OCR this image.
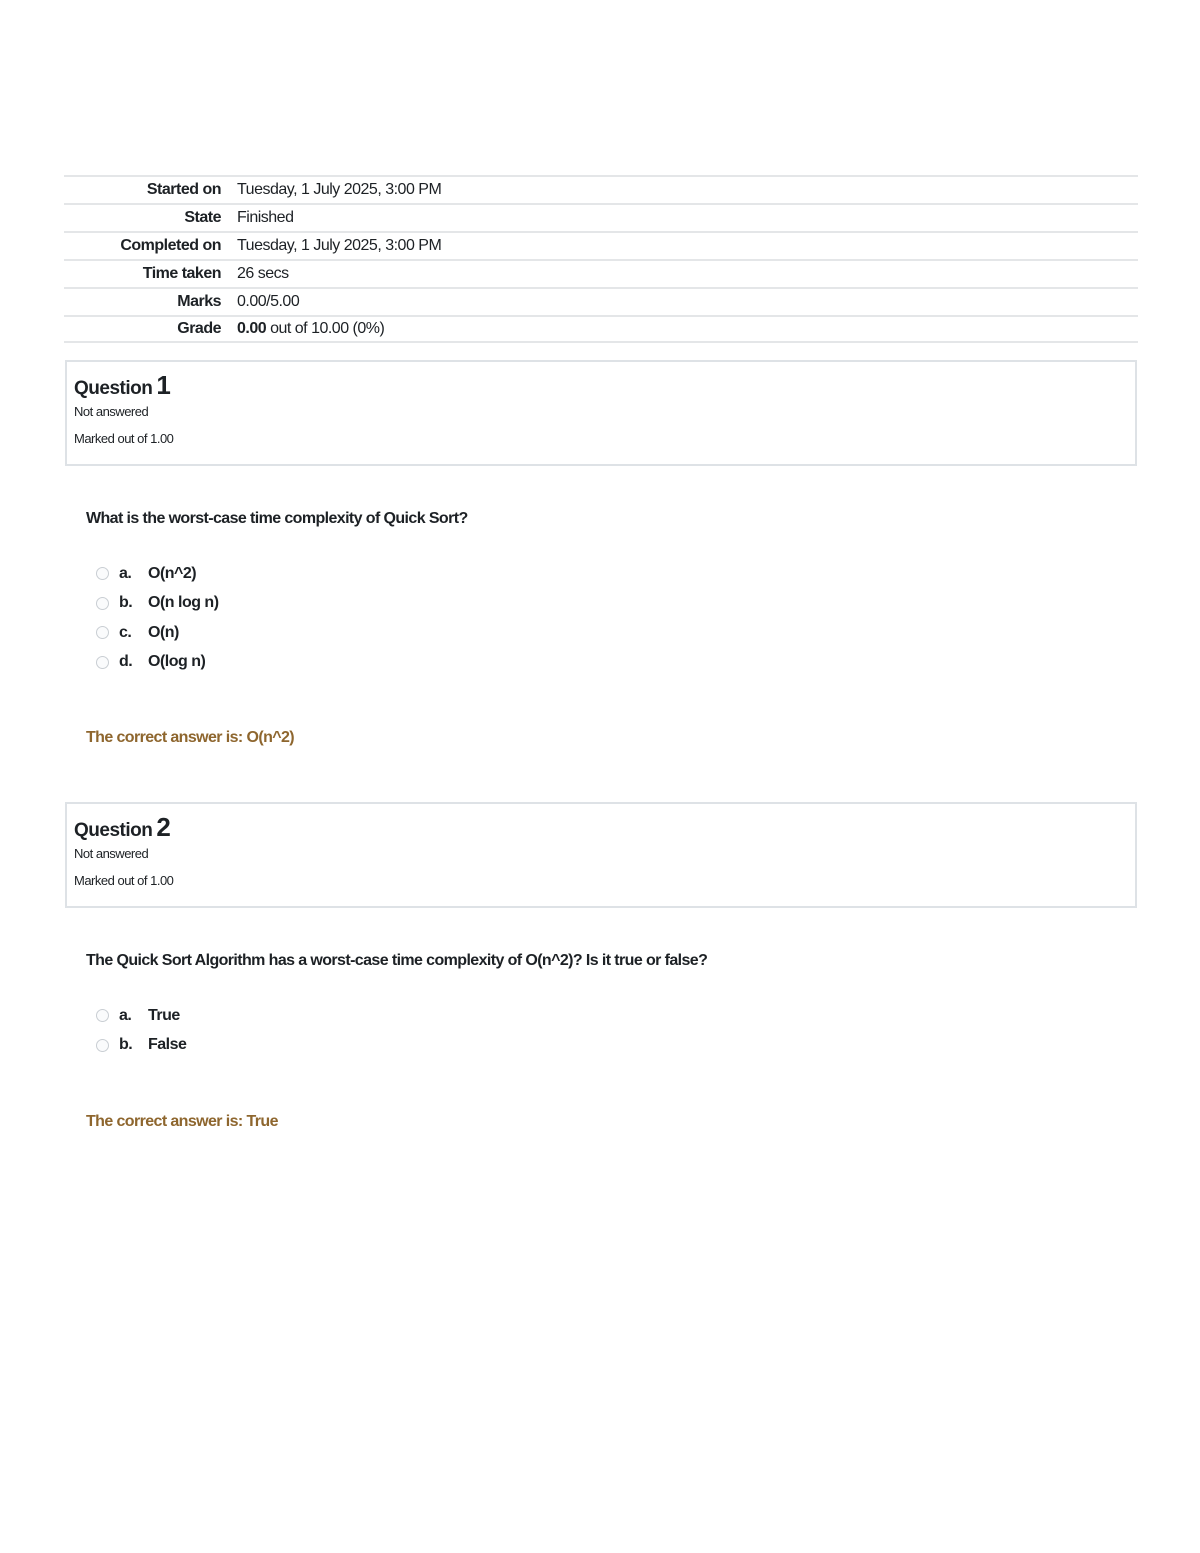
Started on	Tuesday, 1 July 2025, 3:00 PM
State	Finished
Completed on	Tuesday, 1 July 2025, 3:00 PM
Time taken	26 secs
Marks	0.00/5.00
Grade	0.00 out of 10.00 (0%)
Question 1
Not answered
Marked out of 1.00
What is the worst-case time complexity of Quick Sort?
a.	O(n^2)
b. O(n log n)
c.	O(n)
d. O(log n)
The correct answer is: O(n^2)
Question 2
Not answered
Marked out of 1.00
The Quick Sort Algorithm has a worst-case time complexity of O(n^2)? Is it true or false?
a.	True
b. False
The correct answer is: True
